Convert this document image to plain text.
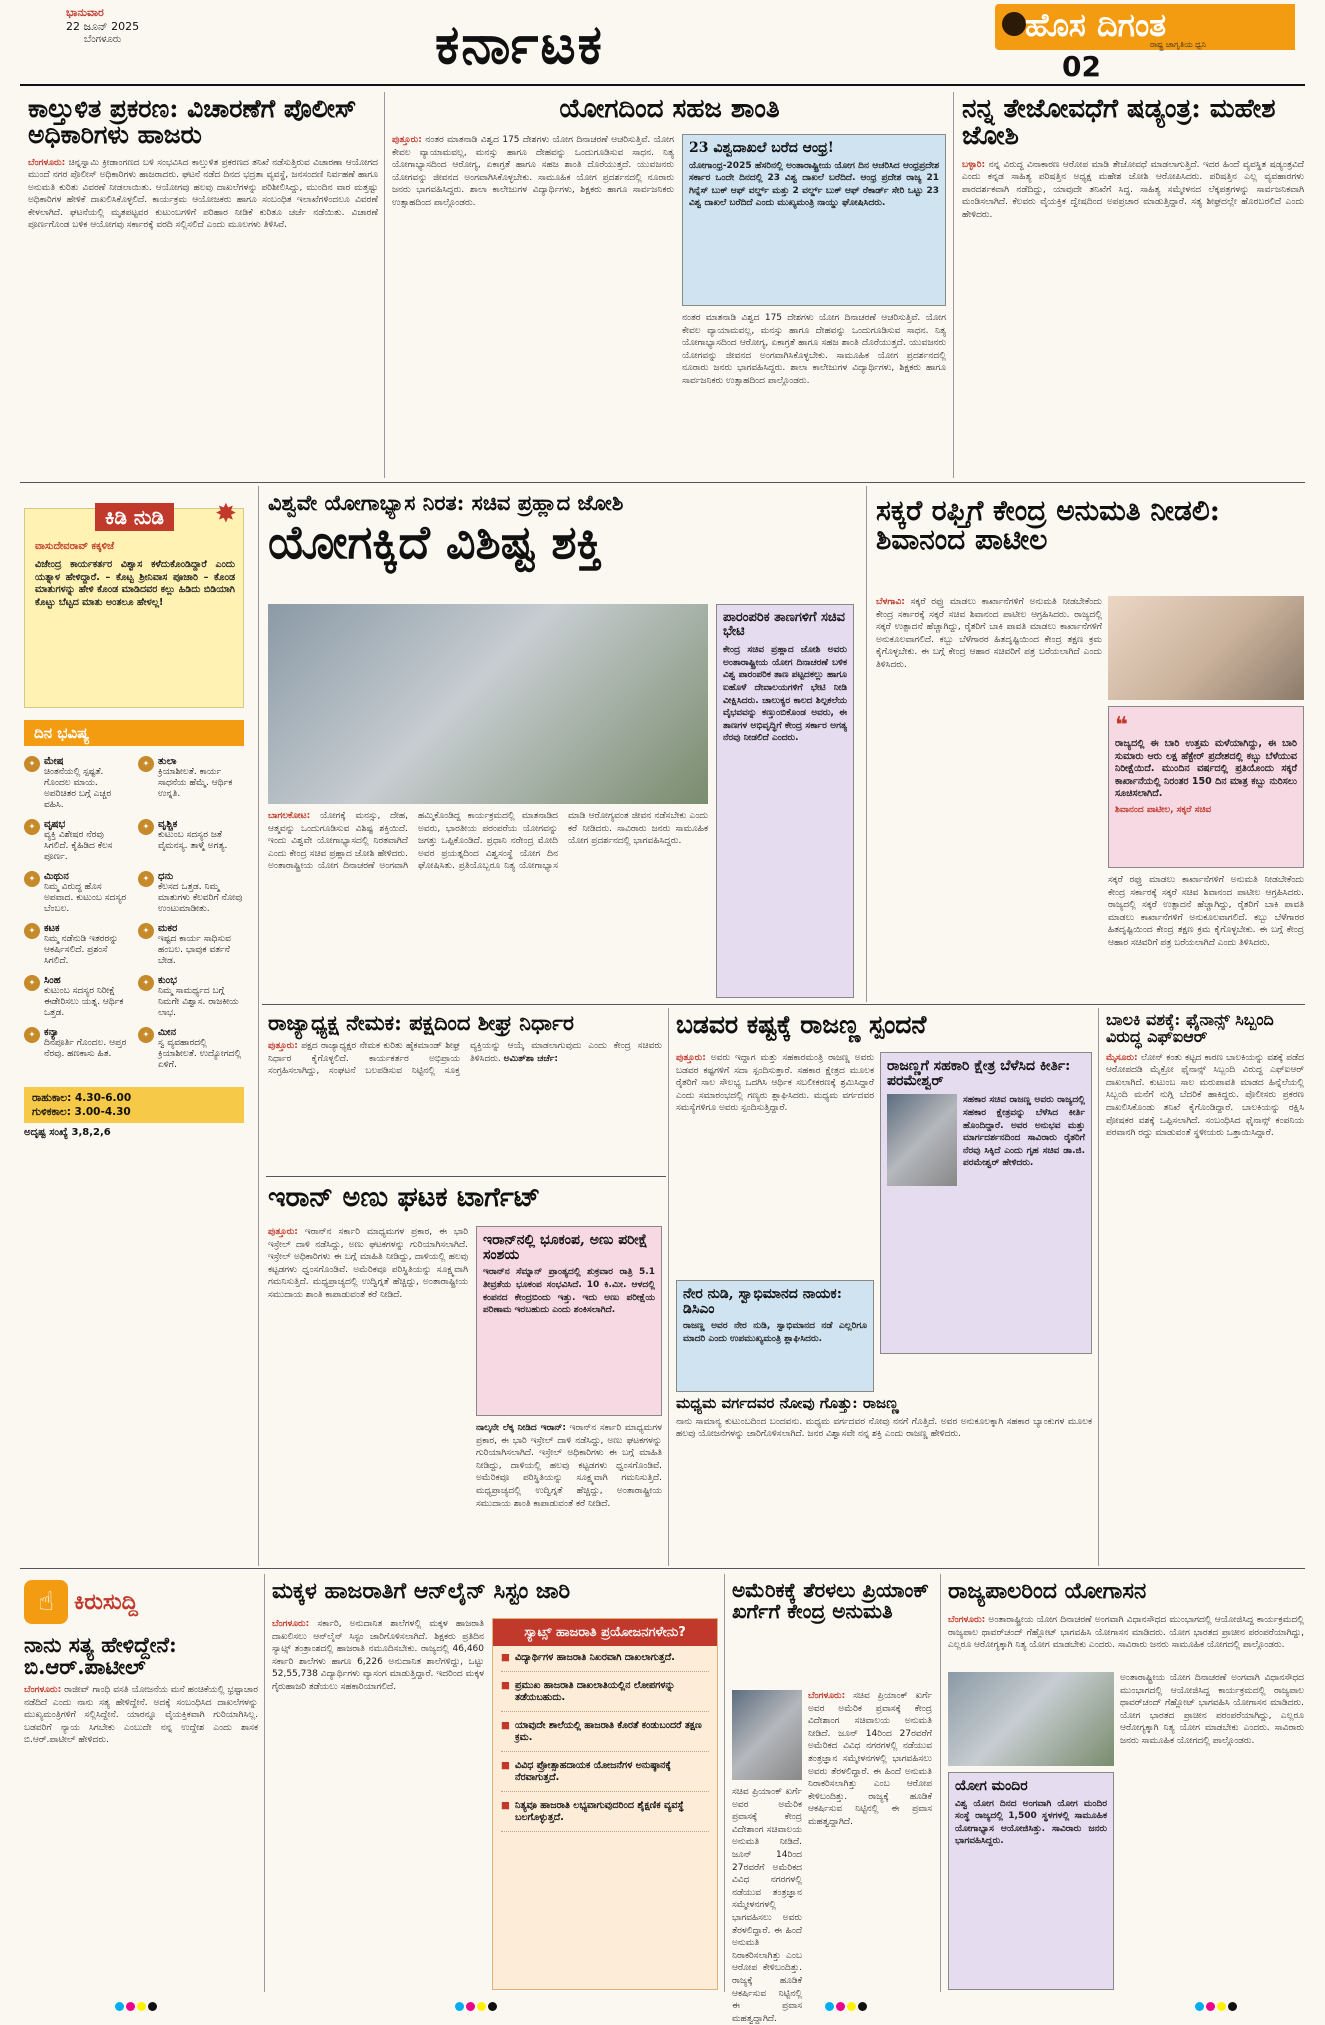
ಭಾನುವಾರ
22 ಜೂನ್ 2025
ಬೆಂಗಳೂರು	ಕರ್ನಾಟಕ	ಹೊಸ ದಿಗಂತ
ರಾಷ್ಟ್ರ ಜಾಗೃತಿಯ ಧ್ವನಿ
02
ಕಾಲ್ತುಳಿತ ಪ್ರಕರಣ: ವಿಚಾರಣೆಗೆ ಪೊಲೀಸ್ ಅಧಿಕಾರಿಗಳು ಹಾಜರು
ಬೆಂಗಳೂರು: ಚಿನ್ನಸ್ವಾಮಿ ಕ್ರೀಡಾಂಗಣದ ಬಳಿ ಸಂಭವಿಸಿದ ಕಾಲ್ತುಳಿತ ಪ್ರಕರಣದ ತನಿಖೆ ನಡೆಸುತ್ತಿರುವ ವಿಚಾರಣಾ ಆಯೋಗದ ಮುಂದೆ ನಗರ ಪೊಲೀಸ್ ಅಧಿಕಾರಿಗಳು ಹಾಜರಾದರು. ಘಟನೆ ನಡೆದ ದಿನದ ಭದ್ರತಾ ವ್ಯವಸ್ಥೆ, ಜನಸಂದಣಿ ನಿರ್ವಹಣೆ ಹಾಗೂ ಅನುಮತಿ ಕುರಿತು ವಿವರಣೆ ನೀಡಲಾಯಿತು. ಆಯೋಗವು ಹಲವು ದಾಖಲೆಗಳನ್ನು ಪರಿಶೀಲಿಸಿದ್ದು, ಮುಂದಿನ ವಾರ ಮತ್ತಷ್ಟು ಅಧಿಕಾರಿಗಳ ಹೇಳಿಕೆ ದಾಖಲಿಸಿಕೊಳ್ಳಲಿದೆ. ಕಾರ್ಯಕ್ರಮ ಆಯೋಜಕರು ಹಾಗೂ ಸಂಬಂಧಿತ ಇಲಾಖೆಗಳಿಂದಲೂ ವಿವರಣೆ ಕೇಳಲಾಗಿದೆ. ಘಟನೆಯಲ್ಲಿ ಮೃತಪಟ್ಟವರ ಕುಟುಂಬಗಳಿಗೆ ಪರಿಹಾರ ನೀಡಿಕೆ ಕುರಿತೂ ಚರ್ಚೆ ನಡೆಯಿತು. ವಿಚಾರಣೆ ಪೂರ್ಣಗೊಂಡ ಬಳಿಕ ಆಯೋಗವು ಸರ್ಕಾರಕ್ಕೆ ವರದಿ ಸಲ್ಲಿಸಲಿದೆ ಎಂದು ಮೂಲಗಳು ತಿಳಿಸಿವೆ.
ಯೋಗದಿಂದ ಸಹಜ ಶಾಂತಿ
ಪುತ್ತೂರು: ನಂತರ ಮಾತನಾಡಿ ವಿಶ್ವದ 175 ದೇಶಗಳು ಯೋಗ ದಿನಾಚರಣೆ ಆಚರಿಸುತ್ತಿವೆ. ಯೋಗ ಕೇವಲ ವ್ಯಾಯಾಮವಲ್ಲ, ಮನಸ್ಸು ಹಾಗೂ ದೇಹವನ್ನು ಒಂದುಗೂಡಿಸುವ ಸಾಧನ. ನಿತ್ಯ ಯೋಗಾಭ್ಯಾಸದಿಂದ ಆರೋಗ್ಯ, ಏಕಾಗ್ರತೆ ಹಾಗೂ ಸಹಜ ಶಾಂತಿ ದೊರೆಯುತ್ತದೆ. ಯುವಜನರು ಯೋಗವನ್ನು ಜೀವನದ ಅಂಗವಾಗಿಸಿಕೊಳ್ಳಬೇಕು. ಸಾಮೂಹಿಕ ಯೋಗ ಪ್ರದರ್ಶನದಲ್ಲಿ ನೂರಾರು ಜನರು ಭಾಗವಹಿಸಿದ್ದರು. ಶಾಲಾ ಕಾಲೇಜುಗಳ ವಿದ್ಯಾರ್ಥಿಗಳು, ಶಿಕ್ಷಕರು ಹಾಗೂ ಸಾರ್ವಜನಿಕರು ಉತ್ಸಾಹದಿಂದ ಪಾಲ್ಗೊಂಡರು.
23 ವಿಶ್ವದಾಖಲೆ ಬರೆದ ಆಂಧ್ರ!
ಯೋಗಾಂಧ್ರ-2025 ಹೆಸರಿನಲ್ಲಿ ಅಂತಾರಾಷ್ಟ್ರೀಯ ಯೋಗ ದಿನ ಆಚರಿಸಿದ ಆಂಧ್ರಪ್ರದೇಶ ಸರ್ಕಾರ ಒಂದೇ ದಿನದಲ್ಲಿ 23 ವಿಶ್ವ ದಾಖಲೆ ಬರೆದಿದೆ. ಆಂಧ್ರ ಪ್ರದೇಶ ರಾಜ್ಯ 21 ಗಿನ್ನೆಸ್ ಬುಕ್ ಆಫ್ ವರ್ಲ್ಡ್ ಮತ್ತು 2 ವರ್ಲ್ಡ್ ಬುಕ್ ಆಫ್ ರೆಕಾರ್ಡ್ ಸೇರಿ ಒಟ್ಟು 23 ವಿಶ್ವ ದಾಖಲೆ ಬರೆದಿದೆ ಎಂದು ಮುಖ್ಯಮಂತ್ರಿ ನಾಯ್ಡು ಘೋಷಿಸಿದರು.
ನಂತರ ಮಾತನಾಡಿ ವಿಶ್ವದ 175 ದೇಶಗಳು ಯೋಗ ದಿನಾಚರಣೆ ಆಚರಿಸುತ್ತಿವೆ. ಯೋಗ ಕೇವಲ ವ್ಯಾಯಾಮವಲ್ಲ, ಮನಸ್ಸು ಹಾಗೂ ದೇಹವನ್ನು ಒಂದುಗೂಡಿಸುವ ಸಾಧನ. ನಿತ್ಯ ಯೋಗಾಭ್ಯಾಸದಿಂದ ಆರೋಗ್ಯ, ಏಕಾಗ್ರತೆ ಹಾಗೂ ಸಹಜ ಶಾಂತಿ ದೊರೆಯುತ್ತದೆ. ಯುವಜನರು ಯೋಗವನ್ನು ಜೀವನದ ಅಂಗವಾಗಿಸಿಕೊಳ್ಳಬೇಕು. ಸಾಮೂಹಿಕ ಯೋಗ ಪ್ರದರ್ಶನದಲ್ಲಿ ನೂರಾರು ಜನರು ಭಾಗವಹಿಸಿದ್ದರು. ಶಾಲಾ ಕಾಲೇಜುಗಳ ವಿದ್ಯಾರ್ಥಿಗಳು, ಶಿಕ್ಷಕರು ಹಾಗೂ ಸಾರ್ವಜನಿಕರು ಉತ್ಸಾಹದಿಂದ ಪಾಲ್ಗೊಂಡರು.
ನನ್ನ ತೇಜೋವಧೆಗೆ ಷಡ್ಯಂತ್ರ: ಮಹೇಶ ಜೋಶಿ
ಬಳ್ಳಾರಿ: ನನ್ನ ವಿರುದ್ಧ ವಿನಾಕಾರಣ ಆರೋಪ ಮಾಡಿ ತೇಜೋವಧೆ ಮಾಡಲಾಗುತ್ತಿದೆ. ಇದರ ಹಿಂದೆ ವ್ಯವಸ್ಥಿತ ಷಡ್ಯಂತ್ರವಿದೆ ಎಂದು ಕನ್ನಡ ಸಾಹಿತ್ಯ ಪರಿಷತ್ತಿನ ಅಧ್ಯಕ್ಷ ಮಹೇಶ ಜೋಶಿ ಆರೋಪಿಸಿದರು. ಪರಿಷತ್ತಿನ ಎಲ್ಲ ವ್ಯವಹಾರಗಳು ಪಾರದರ್ಶಕವಾಗಿ ನಡೆದಿದ್ದು, ಯಾವುದೇ ತನಿಖೆಗೆ ಸಿದ್ಧ. ಸಾಹಿತ್ಯ ಸಮ್ಮೇಳನದ ಲೆಕ್ಕಪತ್ರಗಳನ್ನು ಸಾರ್ವಜನಿಕವಾಗಿ ಮಂಡಿಸಲಾಗಿದೆ. ಕೆಲವರು ವೈಯಕ್ತಿಕ ದ್ವೇಷದಿಂದ ಅಪಪ್ರಚಾರ ಮಾಡುತ್ತಿದ್ದಾರೆ. ಸತ್ಯ ಶೀಘ್ರದಲ್ಲೇ ಹೊರಬರಲಿದೆ ಎಂದು ಹೇಳಿದರು.
ಕಿಡಿ ನುಡಿ	✸
ವಾಸುದೇವರಾವ್ ಕಕ್ಕಳಿಜೆ
ವಿಜೇಂದ್ರ ಕಾರ್ಯಕರ್ತರ ವಿಶ್ವಾಸ ಕಳೆದುಕೊಂಡಿದ್ದಾರೆ ಎಂದು ಯತ್ನಾಳ ಹೇಳಿದ್ದಾರೆ. – ಕೊಟ್ಟ ಶ್ರೀನಿವಾಸ ಪೂಜಾರಿ – ಕೊಂಡ ಮಾತುಗಳನ್ನು ಹೇಳಿ ಕೊಂಡ ಮಾಡಿದವರ ಕಲ್ಲು ಹಿಡಿದು ಬಿಡಿಯಾಗಿ ಕೊಟ್ಟು ಬೆಟ್ಟದ ಮಾತು ಅಂತಲೂ ಹೇಳಲ್ಲ!
ದಿನ ಭವಿಷ್ಯ
✦ ಮೇಷ
ಚಿಂತನೆಯಲ್ಲಿ ಸ್ಪಷ್ಟತೆ. ಗೊಂದಲ ಮಾಯ. ಅಪರಿಚಿತರ ಬಗ್ಗೆ ಎಚ್ಚರ ವಹಿಸಿ.
✦ ತುಲಾ
ಕ್ರಿಯಾಶೀಲತೆ. ಕಾರ್ಯ ಸಾಧನೆಯ ಹೆಮ್ಮೆ. ಆರ್ಥಿಕ ಉನ್ನತಿ.
✦ ವೃಷಭ
ವ್ಯಕ್ತಿ ವಿಶೇಷರ ನೆರವು ಸಿಗಲಿದೆ. ಕೈಹಿಡಿದ ಕೆಲಸ ಪೂರ್ಣ.
✦ ವೃಶ್ಚಿಕ
ಕುಟುಂಬ ಸದಸ್ಯರ ಜತೆ ವೈಮನಸ್ಯ. ತಾಳ್ಮೆ ಅಗತ್ಯ.
✦ ಮಿಥುನ
ನಿಮ್ಮ ವಿರುದ್ಧ ಹೊಸ ಅಪವಾದ. ಕುಟುಂಬ ಸದಸ್ಯರ ಬೆಂಬಲ.
✦ ಧನು
ಕೆಲಸದ ಒತ್ತಡ. ನಿಮ್ಮ ಮಾತುಗಳು ಕೆಲವರಿಗೆ ನೋವು ಉಂಟುಮಾಡೀತು.
✦ ಕಟಕ
ನಿಮ್ಮ ನಡೆನುಡಿ ಇತರರನ್ನು ಆಕರ್ಷಿಸಲಿದೆ. ಪ್ರಶಂಸೆ ಸಿಗಲಿದೆ.
✦ ಮಕರ
ಇಷ್ಟದ ಕಾರ್ಯ ಸಾಧಿಸುವ ಹಂಬಲ. ಭಾವುಕ ವರ್ತನೆ ಬೇಡ.
✦ ಸಿಂಹ
ಕುಟುಂಬ ಸದಸ್ಯರ ನಿರೀಕ್ಷೆ ಈಡೇರಿಸಲು ಯತ್ನ. ಆರ್ಥಿಕ ಒತ್ತಡ.
✦ ಕುಂಭ
ನಿಮ್ಮ ಸಾಮರ್ಥ್ಯದ ಬಗ್ಗೆ ನಿಮಗೇ ವಿಶ್ವಾಸ. ರಾಜಕೀಯ ಲಾಭ.
✦ ಕನ್ಯಾ
ದಿನಪೂರ್ತಿ ಗೊಂದಲ. ಆಪ್ತರ ನೆರವು. ಹಣಕಾಸು ಹಿತ.
✦ ಮೀನ
ಸ್ವ ವ್ಯವಹಾರದಲ್ಲಿ ಕ್ರಿಯಾಶೀಲತೆ. ಉದ್ಯೋಗದಲ್ಲಿ ಏಳಿಗೆ.
ರಾಹುಕಾಲ: 4.30-6.00
ಗುಳಿಕಕಾಲ: 3.00-4.30
ಅದೃಷ್ಟ ಸಂಖ್ಯೆ 3,8,2,6
ವಿಶ್ವವೇ ಯೋಗಾಭ್ಯಾಸ ನಿರತ: ಸಚಿವ ಪ್ರಹ್ಲಾದ ಜೋಶಿ
ಯೋಗಕ್ಕಿದೆ ವಿಶಿಷ್ಟ ಶಕ್ತಿ
ಪಾರಂಪರಿಕ ತಾಣಗಳಿಗೆ ಸಚಿವ ಭೇಟಿ
ಕೇಂದ್ರ ಸಚಿವ ಪ್ರಹ್ಲಾದ ಜೋಶಿ ಅವರು ಅಂತಾರಾಷ್ಟ್ರೀಯ ಯೋಗ ದಿನಾಚರಣೆ ಬಳಿಕ ವಿಶ್ವ ಪಾರಂಪರಿಕ ತಾಣ ಪಟ್ಟದಕಲ್ಲು ಹಾಗೂ ಐಹೊಳೆ ದೇವಾಲಯಗಳಿಗೆ ಭೇಟಿ ನೀಡಿ ವೀಕ್ಷಿಸಿದರು. ಚಾಲುಕ್ಯರ ಕಾಲದ ಶಿಲ್ಪಕಲೆಯ ವೈಭವವನ್ನು ಕಣ್ತುಂಬಿಕೊಂಡ ಅವರು, ಈ ತಾಣಗಳ ಅಭಿವೃದ್ಧಿಗೆ ಕೇಂದ್ರ ಸರ್ಕಾರ ಅಗತ್ಯ ನೆರವು ನೀಡಲಿದೆ ಎಂದರು.
ಬಾಗಲಕೋಟ: ಯೋಗಕ್ಕೆ ಮನಸ್ಸು, ದೇಹ, ಆತ್ಮವನ್ನು ಒಂದುಗೂಡಿಸುವ ವಿಶಿಷ್ಟ ಶಕ್ತಿಯಿದೆ. ಇಂದು ವಿಶ್ವವೇ ಯೋಗಾಭ್ಯಾಸದಲ್ಲಿ ನಿರತವಾಗಿದೆ ಎಂದು ಕೇಂದ್ರ ಸಚಿವ ಪ್ರಹ್ಲಾದ ಜೋಶಿ ಹೇಳಿದರು. ಅಂತಾರಾಷ್ಟ್ರೀಯ ಯೋಗ ದಿನಾಚರಣೆ ಅಂಗವಾಗಿ ಹಮ್ಮಿಕೊಂಡಿದ್ದ ಕಾರ್ಯಕ್ರಮದಲ್ಲಿ ಮಾತನಾಡಿದ ಅವರು, ಭಾರತೀಯ ಪರಂಪರೆಯ ಯೋಗವನ್ನು ಜಗತ್ತು ಒಪ್ಪಿಕೊಂಡಿದೆ. ಪ್ರಧಾನಿ ನರೇಂದ್ರ ಮೋದಿ ಅವರ ಪ್ರಯತ್ನದಿಂದ ವಿಶ್ವಸಂಸ್ಥೆ ಯೋಗ ದಿನ ಘೋಷಿಸಿತು. ಪ್ರತಿಯೊಬ್ಬರೂ ನಿತ್ಯ ಯೋಗಾಭ್ಯಾಸ ಮಾಡಿ ಆರೋಗ್ಯವಂತ ಜೀವನ ನಡೆಸಬೇಕು ಎಂದು ಕರೆ ನೀಡಿದರು. ಸಾವಿರಾರು ಜನರು ಸಾಮೂಹಿಕ ಯೋಗ ಪ್ರದರ್ಶನದಲ್ಲಿ ಭಾಗವಹಿಸಿದ್ದರು.
ಸಕ್ಕರೆ ರಫ್ತಿಗೆ ಕೇಂದ್ರ ಅನುಮತಿ ನೀಡಲಿ: ಶಿವಾನಂದ ಪಾಟೀಲ
ಬೆಳಗಾವಿ: ಸಕ್ಕರೆ ರಫ್ತು ಮಾಡಲು ಕಾರ್ಖಾನೆಗಳಿಗೆ ಅನುಮತಿ ನೀಡಬೇಕೆಂದು ಕೇಂದ್ರ ಸರ್ಕಾರಕ್ಕೆ ಸಕ್ಕರೆ ಸಚಿವ ಶಿವಾನಂದ ಪಾಟೀಲ ಆಗ್ರಹಿಸಿದರು. ರಾಜ್ಯದಲ್ಲಿ ಸಕ್ಕರೆ ಉತ್ಪಾದನೆ ಹೆಚ್ಚಾಗಿದ್ದು, ರೈತರಿಗೆ ಬಾಕಿ ಪಾವತಿ ಮಾಡಲು ಕಾರ್ಖಾನೆಗಳಿಗೆ ಅನುಕೂಲವಾಗಲಿದೆ. ಕಬ್ಬು ಬೆಳೆಗಾರರ ಹಿತದೃಷ್ಟಿಯಿಂದ ಕೇಂದ್ರ ತಕ್ಷಣ ಕ್ರಮ ಕೈಗೊಳ್ಳಬೇಕು. ಈ ಬಗ್ಗೆ ಕೇಂದ್ರ ಆಹಾರ ಸಚಿವರಿಗೆ ಪತ್ರ ಬರೆಯಲಾಗಿದೆ ಎಂದು ತಿಳಿಸಿದರು.
❝
ರಾಜ್ಯದಲ್ಲಿ ಈ ಬಾರಿ ಉತ್ತಮ ಮಳೆಯಾಗಿದ್ದು, ಈ ಬಾರಿ ಸುಮಾರು ಆರು ಲಕ್ಷ ಹೆಕ್ಟೇರ್ ಪ್ರದೇಶದಲ್ಲಿ ಕಬ್ಬು ಬೆಳೆಯುವ ನಿರೀಕ್ಷೆಯಿದೆ. ಮುಂದಿನ ವರ್ಷದಲ್ಲಿ ಪ್ರತಿಯೊಂದು ಸಕ್ಕರೆ ಕಾರ್ಖಾನೆಯಲ್ಲಿ ನಿರಂತರ 150 ದಿನ ಮಾತ್ರ ಕಬ್ಬು ನುರಿಸಲು ಸೂಚಿಸಲಾಗಿದೆ.
ಶಿವಾನಂದ ಪಾಟೀಲ, ಸಕ್ಕರೆ ಸಚಿವ
ಸಕ್ಕರೆ ರಫ್ತು ಮಾಡಲು ಕಾರ್ಖಾನೆಗಳಿಗೆ ಅನುಮತಿ ನೀಡಬೇಕೆಂದು ಕೇಂದ್ರ ಸರ್ಕಾರಕ್ಕೆ ಸಕ್ಕರೆ ಸಚಿವ ಶಿವಾನಂದ ಪಾಟೀಲ ಆಗ್ರಹಿಸಿದರು. ರಾಜ್ಯದಲ್ಲಿ ಸಕ್ಕರೆ ಉತ್ಪಾದನೆ ಹೆಚ್ಚಾಗಿದ್ದು, ರೈತರಿಗೆ ಬಾಕಿ ಪಾವತಿ ಮಾಡಲು ಕಾರ್ಖಾನೆಗಳಿಗೆ ಅನುಕೂಲವಾಗಲಿದೆ. ಕಬ್ಬು ಬೆಳೆಗಾರರ ಹಿತದೃಷ್ಟಿಯಿಂದ ಕೇಂದ್ರ ತಕ್ಷಣ ಕ್ರಮ ಕೈಗೊಳ್ಳಬೇಕು. ಈ ಬಗ್ಗೆ ಕೇಂದ್ರ ಆಹಾರ ಸಚಿವರಿಗೆ ಪತ್ರ ಬರೆಯಲಾಗಿದೆ ಎಂದು ತಿಳಿಸಿದರು.
ರಾಜ್ಯಾಧ್ಯಕ್ಷ ನೇಮಕ: ಪಕ್ಷದಿಂದ ಶೀಘ್ರ ನಿರ್ಧಾರ
ಪುತ್ತೂರು: ಪಕ್ಷದ ರಾಜ್ಯಾಧ್ಯಕ್ಷರ ನೇಮಕ ಕುರಿತು ಹೈಕಮಾಂಡ್ ಶೀಘ್ರ ನಿರ್ಧಾರ ಕೈಗೊಳ್ಳಲಿದೆ. ಕಾರ್ಯಕರ್ತರ ಅಭಿಪ್ರಾಯ ಸಂಗ್ರಹಿಸಲಾಗಿದ್ದು, ಸಂಘಟನೆ ಬಲಪಡಿಸುವ ನಿಟ್ಟಿನಲ್ಲಿ ಸೂಕ್ತ ವ್ಯಕ್ತಿಯನ್ನು ಆಯ್ಕೆ ಮಾಡಲಾಗುವುದು ಎಂದು ಕೇಂದ್ರ ಸಚಿವರು ತಿಳಿಸಿದರು. ಅಮಿತ್‌ಶಾ ಚರ್ಚೆ:
ಇರಾನ್ ಅಣು ಘಟಕ ಟಾರ್ಗೆಟ್
ಪುತ್ತೂರು: ಇರಾನ್‌ನ ಸರ್ಕಾರಿ ಮಾಧ್ಯಮಗಳ ಪ್ರಕಾರ, ಈ ಭಾರಿ ಇಸ್ರೇಲ್ ದಾಳಿ ನಡೆಸಿದ್ದು, ಅಣು ಘಟಕಗಳನ್ನು ಗುರಿಯಾಗಿಸಲಾಗಿದೆ. ಇಸ್ರೇಲ್ ಅಧಿಕಾರಿಗಳು ಈ ಬಗ್ಗೆ ಮಾಹಿತಿ ನೀಡಿದ್ದು, ದಾಳಿಯಲ್ಲಿ ಹಲವು ಕಟ್ಟಡಗಳು ಧ್ವಂಸಗೊಂಡಿವೆ. ಅಮೆರಿಕವೂ ಪರಿಸ್ಥಿತಿಯನ್ನು ಸೂಕ್ಷ್ಮವಾಗಿ ಗಮನಿಸುತ್ತಿದೆ. ಮಧ್ಯಪ್ರಾಚ್ಯದಲ್ಲಿ ಉದ್ವಿಗ್ನತೆ ಹೆಚ್ಚಿದ್ದು, ಅಂತಾರಾಷ್ಟ್ರೀಯ ಸಮುದಾಯ ಶಾಂತಿ ಕಾಪಾಡುವಂತೆ ಕರೆ ನೀಡಿದೆ.
ಇರಾನ್‌ನಲ್ಲಿ ಭೂಕಂಪ, ಅಣು ಪರೀಕ್ಷೆ ಸಂಶಯ
ಇರಾನ್‌ನ ಸೆಮ್ನಾನ್ ಪ್ರಾಂತ್ಯದಲ್ಲಿ ಶುಕ್ರವಾರ ರಾತ್ರಿ 5.1 ತೀವ್ರತೆಯ ಭೂಕಂಪ ಸಂಭವಿಸಿದೆ. 10 ಕಿ.ಮೀ. ಆಳದಲ್ಲಿ ಕಂಪನದ ಕೇಂದ್ರಬಿಂದು ಇತ್ತು. ಇದು ಅಣು ಪರೀಕ್ಷೆಯ ಪರಿಣಾಮ ಇರಬಹುದು ಎಂದು ಶಂಕಿಸಲಾಗಿದೆ.
ನಾಲ್ಕನೇ ಲೆಕ್ಕ ನೀಡಿದ ಇರಾನ್: ಇರಾನ್‌ನ ಸರ್ಕಾರಿ ಮಾಧ್ಯಮಗಳ ಪ್ರಕಾರ, ಈ ಭಾರಿ ಇಸ್ರೇಲ್ ದಾಳಿ ನಡೆಸಿದ್ದು, ಅಣು ಘಟಕಗಳನ್ನು ಗುರಿಯಾಗಿಸಲಾಗಿದೆ. ಇಸ್ರೇಲ್ ಅಧಿಕಾರಿಗಳು ಈ ಬಗ್ಗೆ ಮಾಹಿತಿ ನೀಡಿದ್ದು, ದಾಳಿಯಲ್ಲಿ ಹಲವು ಕಟ್ಟಡಗಳು ಧ್ವಂಸಗೊಂಡಿವೆ. ಅಮೆರಿಕವೂ ಪರಿಸ್ಥಿತಿಯನ್ನು ಸೂಕ್ಷ್ಮವಾಗಿ ಗಮನಿಸುತ್ತಿದೆ. ಮಧ್ಯಪ್ರಾಚ್ಯದಲ್ಲಿ ಉದ್ವಿಗ್ನತೆ ಹೆಚ್ಚಿದ್ದು, ಅಂತಾರಾಷ್ಟ್ರೀಯ ಸಮುದಾಯ ಶಾಂತಿ ಕಾಪಾಡುವಂತೆ ಕರೆ ನೀಡಿದೆ.
ಬಡವರ ಕಷ್ಟಕ್ಕೆ ರಾಜಣ್ಣ ಸ್ಪಂದನೆ
ಪುತ್ತೂರು: ಅವರು ಇದ್ದಾಗ ಮತ್ತು ಸಹಕಾರಮಂತ್ರಿ ರಾಜಣ್ಣ ಅವರು ಬಡವರ ಕಷ್ಟಗಳಿಗೆ ಸದಾ ಸ್ಪಂದಿಸುತ್ತಾರೆ. ಸಹಕಾರ ಕ್ಷೇತ್ರದ ಮೂಲಕ ರೈತರಿಗೆ ಸಾಲ ಸೌಲಭ್ಯ ಒದಗಿಸಿ ಆರ್ಥಿಕ ಸಬಲೀಕರಣಕ್ಕೆ ಶ್ರಮಿಸಿದ್ದಾರೆ ಎಂದು ಸಮಾರಂಭದಲ್ಲಿ ಗಣ್ಯರು ಶ್ಲಾಘಿಸಿದರು. ಮಧ್ಯಮ ವರ್ಗದವರ ಸಮಸ್ಯೆಗಳಿಗೂ ಅವರು ಸ್ಪಂದಿಸುತ್ತಿದ್ದಾರೆ.
ರಾಜಣ್ಣಗೆ ಸಹಕಾರಿ ಕ್ಷೇತ್ರ ಬೆಳೆಸಿದ ಕೀರ್ತಿ: ಪರಮೇಶ್ವರ್
ಸಹಕಾರ ಸಚಿವ ರಾಜಣ್ಣ ಅವರು ರಾಜ್ಯದಲ್ಲಿ ಸಹಕಾರ ಕ್ಷೇತ್ರವನ್ನು ಬೆಳೆಸಿದ ಕೀರ್ತಿ ಹೊಂದಿದ್ದಾರೆ. ಅವರ ಅನುಭವ ಮತ್ತು ಮಾರ್ಗದರ್ಶನದಿಂದ ಸಾವಿರಾರು ರೈತರಿಗೆ ನೆರವು ಸಿಕ್ಕಿದೆ ಎಂದು ಗೃಹ ಸಚಿವ ಡಾ.ಜಿ. ಪರಮೇಶ್ವರ್ ಹೇಳಿದರು.
ನೇರ ನುಡಿ, ಸ್ವಾಭಿಮಾನದ ನಾಯಕ: ಡಿಸಿಎಂ
ರಾಜಣ್ಣ ಅವರ ನೇರ ನುಡಿ, ಸ್ವಾಭಿಮಾನದ ನಡೆ ಎಲ್ಲರಿಗೂ ಮಾದರಿ ಎಂದು ಉಪಮುಖ್ಯಮಂತ್ರಿ ಶ್ಲಾಘಿಸಿದರು.
ಮಧ್ಯಮ ವರ್ಗದವರ ನೋವು ಗೊತ್ತು: ರಾಜಣ್ಣ
ನಾನು ಸಾಮಾನ್ಯ ಕುಟುಂಬದಿಂದ ಬಂದವನು. ಮಧ್ಯಮ ವರ್ಗದವರ ನೋವು ನನಗೆ ಗೊತ್ತಿದೆ. ಅವರ ಅನುಕೂಲಕ್ಕಾಗಿ ಸಹಕಾರ ಬ್ಯಾಂಕುಗಳ ಮೂಲಕ ಹಲವು ಯೋಜನೆಗಳನ್ನು ಜಾರಿಗೊಳಿಸಲಾಗಿದೆ. ಜನರ ವಿಶ್ವಾಸವೇ ನನ್ನ ಶಕ್ತಿ ಎಂದು ರಾಜಣ್ಣ ಹೇಳಿದರು.
ಬಾಲಕಿ ವಶಕ್ಕೆ: ಫೈನಾನ್ಸ್ ಸಿಬ್ಬಂದಿ ವಿರುದ್ಧ ಎಫ್‌ಐಆರ್
ಮೈಸೂರು: ಲೋನ್ ಕಂತು ಕಟ್ಟದ ಕಾರಣ ಬಾಲಕಿಯನ್ನು ವಶಕ್ಕೆ ಪಡೆದ ಆರೋಪದಡಿ ಮೈಕ್ರೋ ಫೈನಾನ್ಸ್ ಸಿಬ್ಬಂದಿ ವಿರುದ್ಧ ಎಫ್‌ಐಆರ್ ದಾಖಲಾಗಿದೆ. ಕುಟುಂಬ ಸಾಲ ಮರುಪಾವತಿ ಮಾಡದ ಹಿನ್ನೆಲೆಯಲ್ಲಿ ಸಿಬ್ಬಂದಿ ಮನೆಗೆ ನುಗ್ಗಿ ಬೆದರಿಕೆ ಹಾಕಿದ್ದರು. ಪೊಲೀಸರು ಪ್ರಕರಣ ದಾಖಲಿಸಿಕೊಂಡು ತನಿಖೆ ಕೈಗೊಂಡಿದ್ದಾರೆ. ಬಾಲಕಿಯನ್ನು ರಕ್ಷಿಸಿ ಪೋಷಕರ ವಶಕ್ಕೆ ಒಪ್ಪಿಸಲಾಗಿದೆ. ಸಂಬಂಧಿಸಿದ ಫೈನಾನ್ಸ್ ಕಂಪನಿಯ ಪರವಾನಗಿ ರದ್ದು ಮಾಡುವಂತೆ ಸ್ಥಳೀಯರು ಒತ್ತಾಯಿಸಿದ್ದಾರೆ.
☝ ಕಿರುಸುದ್ದಿ
ನಾನು ಸತ್ಯ ಹೇಳಿದ್ದೇನೆ: ಬಿ.ಆರ್.ಪಾಟೀಲ್
ಬೆಂಗಳೂರು: ರಾಜೀವ್ ಗಾಂಧಿ ವಸತಿ ಯೋಜನೆಯ ಮನೆ ಹಂಚಿಕೆಯಲ್ಲಿ ಭ್ರಷ್ಟಾಚಾರ ನಡೆದಿದೆ ಎಂದು ನಾನು ಸತ್ಯ ಹೇಳಿದ್ದೇನೆ. ಅದಕ್ಕೆ ಸಂಬಂಧಿಸಿದ ದಾಖಲೆಗಳನ್ನು ಮುಖ್ಯಮಂತ್ರಿಗಳಿಗೆ ಸಲ್ಲಿಸಿದ್ದೇನೆ. ಯಾರನ್ನೂ ವೈಯಕ್ತಿಕವಾಗಿ ಗುರಿಯಾಗಿಸಿಲ್ಲ. ಬಡವರಿಗೆ ನ್ಯಾಯ ಸಿಗಬೇಕು ಎಂಬುದೇ ನನ್ನ ಉದ್ದೇಶ ಎಂದು ಶಾಸಕ ಬಿ.ಆರ್.ಪಾಟೀಲ್ ಹೇಳಿದರು.
ಮಕ್ಕಳ ಹಾಜರಾತಿಗೆ ಆನ್‌ಲೈನ್ ಸಿಸ್ಟಂ ಜಾರಿ
ಬೆಂಗಳೂರು: ಸರ್ಕಾರಿ, ಅನುದಾನಿತ ಶಾಲೆಗಳಲ್ಲಿ ಮಕ್ಕಳ ಹಾಜರಾತಿ ದಾಖಲಿಸಲು ಆನ್‌ಲೈನ್ ಸಿಸ್ಟಂ ಜಾರಿಗೊಳಿಸಲಾಗಿದೆ. ಶಿಕ್ಷಕರು ಪ್ರತಿದಿನ ಸ್ಯಾಟ್ಸ್ ತಂತ್ರಾಂಶದಲ್ಲಿ ಹಾಜರಾತಿ ನಮೂದಿಸಬೇಕು. ರಾಜ್ಯದಲ್ಲಿ 46,460 ಸರ್ಕಾರಿ ಶಾಲೆಗಳು ಹಾಗೂ 6,226 ಅನುದಾನಿತ ಶಾಲೆಗಳಿದ್ದು, ಒಟ್ಟು 52,55,738 ವಿದ್ಯಾರ್ಥಿಗಳು ವ್ಯಾಸಂಗ ಮಾಡುತ್ತಿದ್ದಾರೆ. ಇದರಿಂದ ಮಕ್ಕಳ ಗೈರುಹಾಜರಿ ತಡೆಯಲು ಸಹಕಾರಿಯಾಗಲಿದೆ.
ಸ್ಯಾಟ್ಸ್ ಹಾಜರಾತಿ ಪ್ರಯೋಜನಗಳೇನು?
■ ವಿದ್ಯಾರ್ಥಿಗಳ ಹಾಜರಾತಿ ನಿಖರವಾಗಿ ದಾಖಲಾಗುತ್ತದೆ.
■ ಪ್ರಮುಖ ಹಾಜರಾತಿ ದಾಖಲಾತಿಯಲ್ಲಿನ ಲೋಪಗಳನ್ನು ತಡೆಯಬಹುದು.
■ ಯಾವುದೇ ಶಾಲೆಯಲ್ಲಿ ಹಾಜರಾತಿ ಕೊರತೆ ಕಂಡುಬಂದರೆ ತಕ್ಷಣ ಕ್ರಮ.
■ ವಿವಿಧ ಪ್ರೋತ್ಸಾಹದಾಯಕ ಯೋಜನೆಗಳ ಅನುಷ್ಠಾನಕ್ಕೆ ನೆರವಾಗುತ್ತದೆ.
■ ನಿತ್ಯವೂ ಹಾಜರಾತಿ ಲಭ್ಯವಾಗುವುದರಿಂದ ಶೈಕ್ಷಣಿಕ ವ್ಯವಸ್ಥೆ ಬಲಗೊಳ್ಳುತ್ತದೆ.
ಅಮೆರಿಕಕ್ಕೆ ತೆರಳಲು ಪ್ರಿಯಾಂಕ್ ಖರ್ಗೆಗೆ ಕೇಂದ್ರ ಅನುಮತಿ
ಬೆಂಗಳೂರು: ಸಚಿವ ಪ್ರಿಯಾಂಕ್ ಖರ್ಗೆ ಅವರ ಅಮೆರಿಕ ಪ್ರವಾಸಕ್ಕೆ ಕೇಂದ್ರ ವಿದೇಶಾಂಗ ಸಚಿವಾಲಯ ಅನುಮತಿ ನೀಡಿದೆ. ಜೂನ್ 14ರಿಂದ 27ರವರೆಗೆ ಅಮೆರಿಕದ ವಿವಿಧ ನಗರಗಳಲ್ಲಿ ನಡೆಯುವ ತಂತ್ರಜ್ಞಾನ ಸಮ್ಮೇಳನಗಳಲ್ಲಿ ಭಾಗವಹಿಸಲು ಅವರು ತೆರಳಲಿದ್ದಾರೆ. ಈ ಹಿಂದೆ ಅನುಮತಿ ನಿರಾಕರಿಸಲಾಗಿತ್ತು ಎಂಬ ಆರೋಪ ಕೇಳಿಬಂದಿತ್ತು. ರಾಜ್ಯಕ್ಕೆ ಹೂಡಿಕೆ ಆಕರ್ಷಿಸುವ ನಿಟ್ಟಿನಲ್ಲಿ ಈ ಪ್ರವಾಸ ಮಹತ್ವದ್ದಾಗಿದೆ.
ಸಚಿವ ಪ್ರಿಯಾಂಕ್ ಖರ್ಗೆ ಅವರ ಅಮೆರಿಕ ಪ್ರವಾಸಕ್ಕೆ ಕೇಂದ್ರ ವಿದೇಶಾಂಗ ಸಚಿವಾಲಯ ಅನುಮತಿ ನೀಡಿದೆ. ಜೂನ್ 14ರಿಂದ 27ರವರೆಗೆ ಅಮೆರಿಕದ ವಿವಿಧ ನಗರಗಳಲ್ಲಿ ನಡೆಯುವ ತಂತ್ರಜ್ಞಾನ ಸಮ್ಮೇಳನಗಳಲ್ಲಿ ಭಾಗವಹಿಸಲು ಅವರು ತೆರಳಲಿದ್ದಾರೆ. ಈ ಹಿಂದೆ ಅನುಮತಿ ನಿರಾಕರಿಸಲಾಗಿತ್ತು ಎಂಬ ಆರೋಪ ಕೇಳಿಬಂದಿತ್ತು. ರಾಜ್ಯಕ್ಕೆ ಹೂಡಿಕೆ ಆಕರ್ಷಿಸುವ ನಿಟ್ಟಿನಲ್ಲಿ ಈ ಪ್ರವಾಸ ಮಹತ್ವದ್ದಾಗಿದೆ.
ರಾಜ್ಯಪಾಲರಿಂದ ಯೋಗಾಸನ
ಬೆಂಗಳೂರು: ಅಂತಾರಾಷ್ಟ್ರೀಯ ಯೋಗ ದಿನಾಚರಣೆ ಅಂಗವಾಗಿ ವಿಧಾನಸೌಧದ ಮುಂಭಾಗದಲ್ಲಿ ಆಯೋಜಿಸಿದ್ದ ಕಾರ್ಯಕ್ರಮದಲ್ಲಿ ರಾಜ್ಯಪಾಲ ಥಾವರ್‌ಚಂದ್ ಗೆಹ್ಲೋಟ್ ಭಾಗವಹಿಸಿ ಯೋಗಾಸನ ಮಾಡಿದರು. ಯೋಗ ಭಾರತದ ಪ್ರಾಚೀನ ಪರಂಪರೆಯಾಗಿದ್ದು, ಎಲ್ಲರೂ ಆರೋಗ್ಯಕ್ಕಾಗಿ ನಿತ್ಯ ಯೋಗ ಮಾಡಬೇಕು ಎಂದರು. ಸಾವಿರಾರು ಜನರು ಸಾಮೂಹಿಕ ಯೋಗದಲ್ಲಿ ಪಾಲ್ಗೊಂಡರು.
ಯೋಗ ಮಂದಿರ
ವಿಶ್ವ ಯೋಗ ದಿನದ ಅಂಗವಾಗಿ ಯೋಗ ಮಂದಿರ ಸಂಸ್ಥೆ ರಾಜ್ಯದಲ್ಲಿ 1,500 ಸ್ಥಳಗಳಲ್ಲಿ ಸಾಮೂಹಿಕ ಯೋಗಾಭ್ಯಾಸ ಆಯೋಜಿಸಿತ್ತು. ಸಾವಿರಾರು ಜನರು ಭಾಗವಹಿಸಿದ್ದರು.
ಅಂತಾರಾಷ್ಟ್ರೀಯ ಯೋಗ ದಿನಾಚರಣೆ ಅಂಗವಾಗಿ ವಿಧಾನಸೌಧದ ಮುಂಭಾಗದಲ್ಲಿ ಆಯೋಜಿಸಿದ್ದ ಕಾರ್ಯಕ್ರಮದಲ್ಲಿ ರಾಜ್ಯಪಾಲ ಥಾವರ್‌ಚಂದ್ ಗೆಹ್ಲೋಟ್ ಭಾಗವಹಿಸಿ ಯೋಗಾಸನ ಮಾಡಿದರು. ಯೋಗ ಭಾರತದ ಪ್ರಾಚೀನ ಪರಂಪರೆಯಾಗಿದ್ದು, ಎಲ್ಲರೂ ಆರೋಗ್ಯಕ್ಕಾಗಿ ನಿತ್ಯ ಯೋಗ ಮಾಡಬೇಕು ಎಂದರು. ಸಾವಿರಾರು ಜನರು ಸಾಮೂಹಿಕ ಯೋಗದಲ್ಲಿ ಪಾಲ್ಗೊಂಡರು.
